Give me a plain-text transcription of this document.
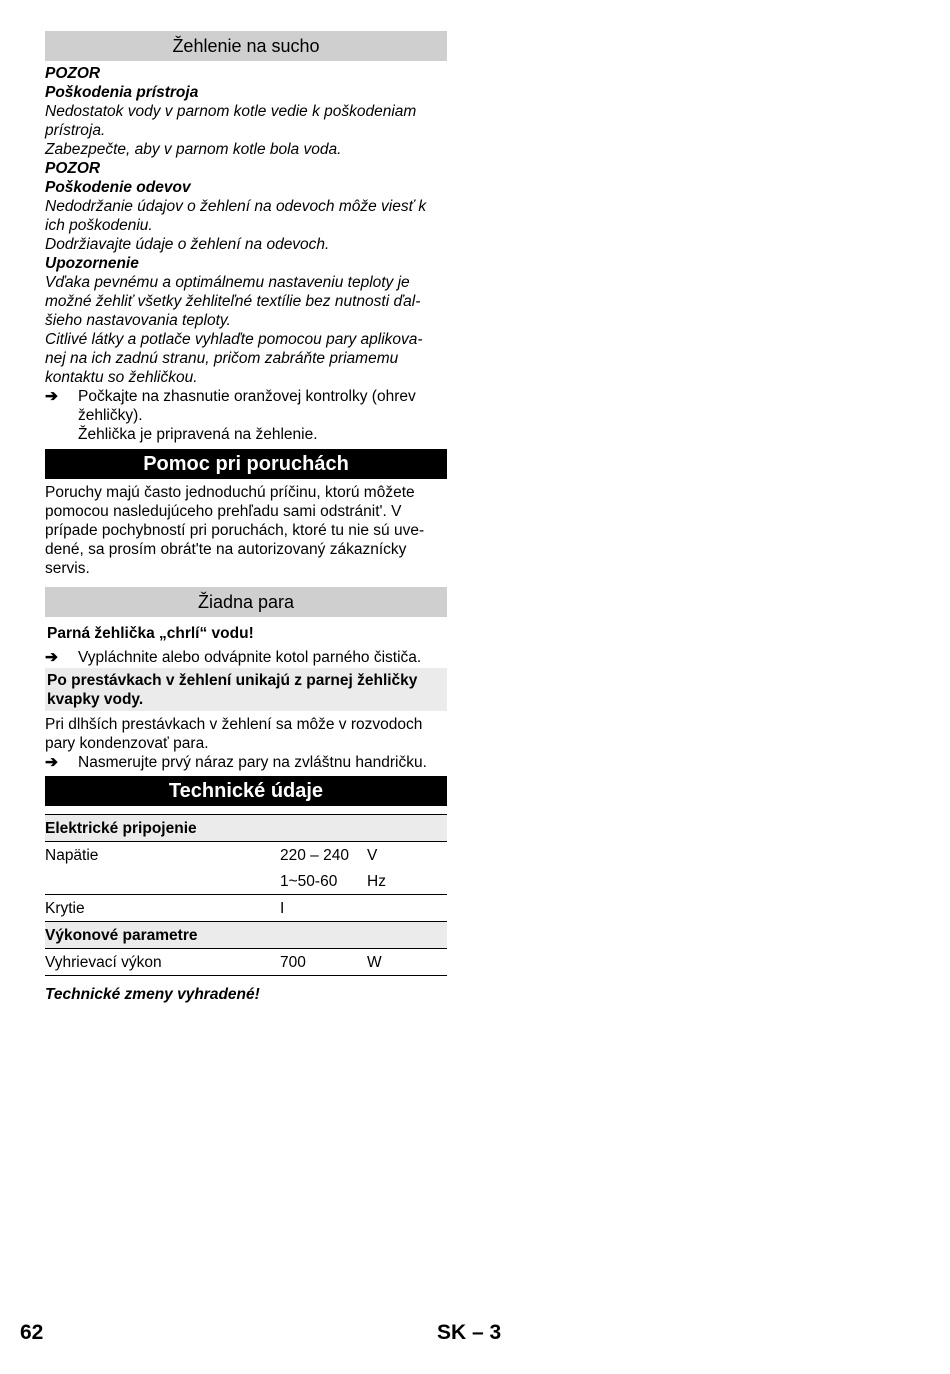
Žehlenie na sucho

POZOR

Poškodenia prístroja

Nedostatok vody v parnom kotle vedie k poškodeniam

prístroja.

Zabezpečte, aby v parnom kotle bola voda.

POZOR

Poškodenie odevov

Nedodržanie údajov o žehlení na odevoch môže viesť k

ich poškodeniu.

Dodržiavajte údaje o žehlení na odevoch.

Upozornenie

Vďaka pevnému a optimálnemu nastaveniu teploty je

možné žehliť všetky žehliteľné textílie bez nutnosti ďal-

šieho nastavovania teploty.

Citlivé látky a potlače vyhlaďte pomocou pary aplikova-

nej na ich zadnú stranu, pričom zabráňte priamemu

kontaktu so žehličkou.

➔	Počkajte na zhasnutie oranžovej kontrolky (ohrev

žehličky).

Žehlička je pripravená na žehlenie.

Pomoc pri poruchách

Poruchy majú často jednoduchú príčinu, ktorú môžete

pomocou nasledujúceho prehľadu sami odstránit'. V

prípade pochybností pri poruchách, ktoré tu nie sú uve-

dené, sa prosím obrát'te na autorizovaný zákaznícky

servis.

Žiadna para
Parná žehlička „chrlí“ vodu!
➔	Vypláchnite alebo odvápnite kotol parného čističa.
Po prestávkach v žehlení unikajú z parnej žehličky
kvapky vody.

Pri dlhších prestávkach v žehlení sa môže v rozvodoch

pary kondenzovať para.

➔	Nasmerujte prvý náraz pary na zvláštnu handričku.
Technické údaje
Elektrické pripojenie		
Napätie	220 – 240	V
	1~50-60	Hz
Krytie	I	
Výkonové parametre		
Vyhrievací výkon	700	W

Technické zmeny vyhradené!

62	SK – 3
